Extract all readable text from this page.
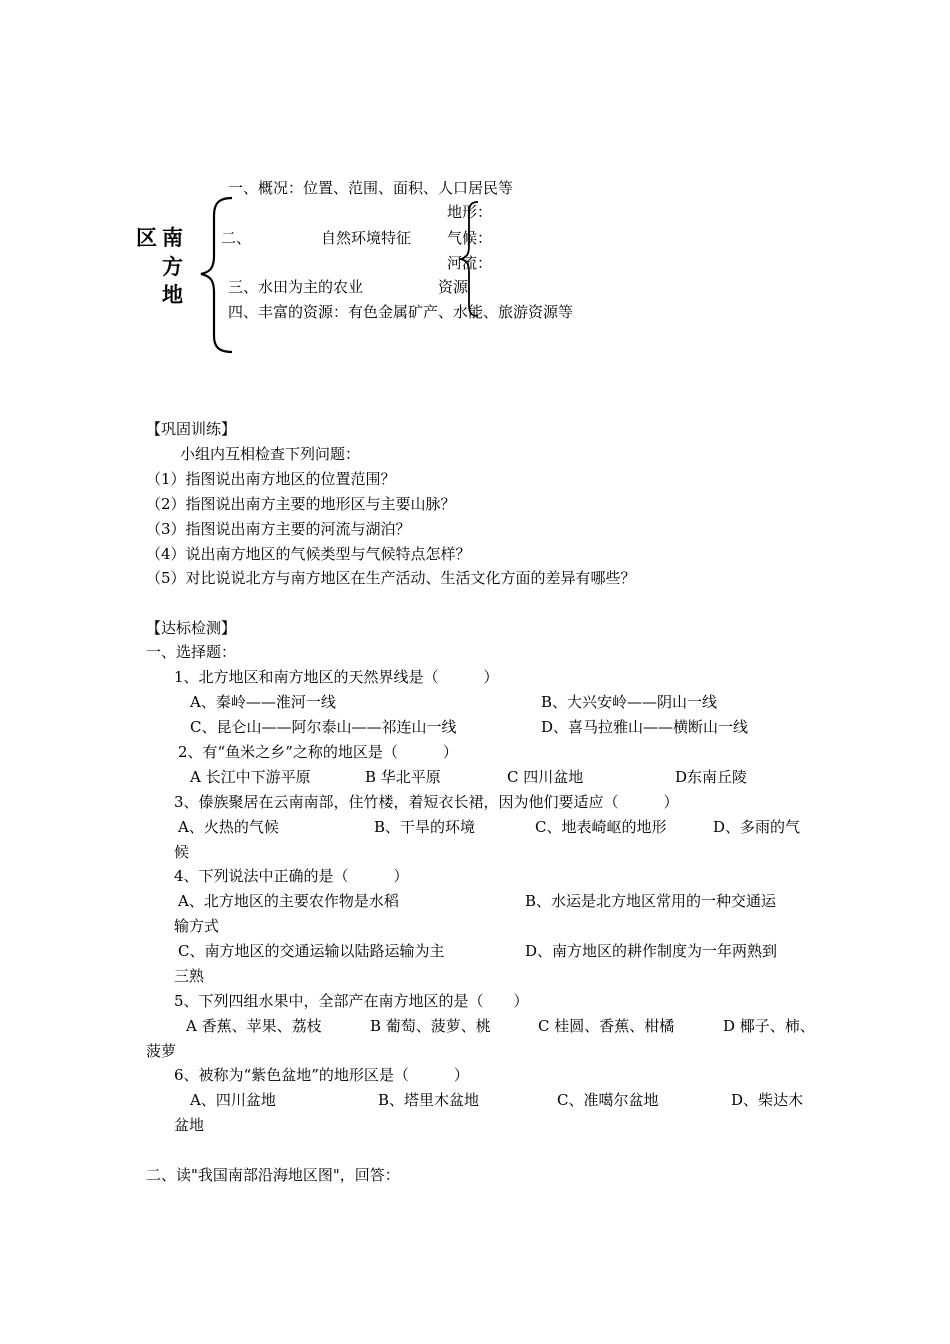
区 南
方
地
一、概况：位置、范围、面积、人口居民等
二、	自然环境特征
地形：
气候：
河流：
三、水田为主的农业	资源
四、丰富的资源：有色金属矿产、水能、旅游资源等
【巩固训练】
小组内互相检查下列问题：
（1）指图说出南方地区的位置范围？
（2）指图说出南方主要的地形区与主要山脉？
（3）指图说出南方主要的河流与湖泊？
（4）说出南方地区的气候类型与气候特点怎样？
（5）对比说说北方与南方地区在生产活动、生活文化方面的差异有哪些？
【达标检测】
一、选择题：
1、北方地区和南方地区的天然界线是（　　　）
A、秦岭——淮河一线	B、大兴安岭——阴山一线
C、昆仑山——阿尔泰山——祁连山一线	D、喜马拉雅山——横断山一线
2、有“鱼米之乡”之称的地区是（　　　）
A 长江中下游平原	B 华北平原	C 四川盆地	D东南丘陵
3、傣族聚居在云南南部，住竹楼，着短衣长裙，因为他们要适应（　　　）
A、火热的气候	B、干旱的环境	C、地表崎岖的地形	D、多雨的气
候
4、下列说法中正确的是（　　　）
A、北方地区的主要农作物是水稻	B、水运是北方地区常用的一种交通运
输方式
C、南方地区的交通运输以陆路运输为主	D、南方地区的耕作制度为一年两熟到
三熟
5、下列四组水果中，全部产在南方地区的是（　　）
A 香蕉、苹果、荔枝	B 葡萄、菠萝、桃	C 桂圆、香蕉、柑橘	D 椰子、柿、
菠萝
6、被称为“紫色盆地”的地形区是（　　　）
A、四川盆地	B、塔里木盆地	C、准噶尔盆地	D、柴达木
盆地
二、读"我国南部沿海地区图"，回答：
